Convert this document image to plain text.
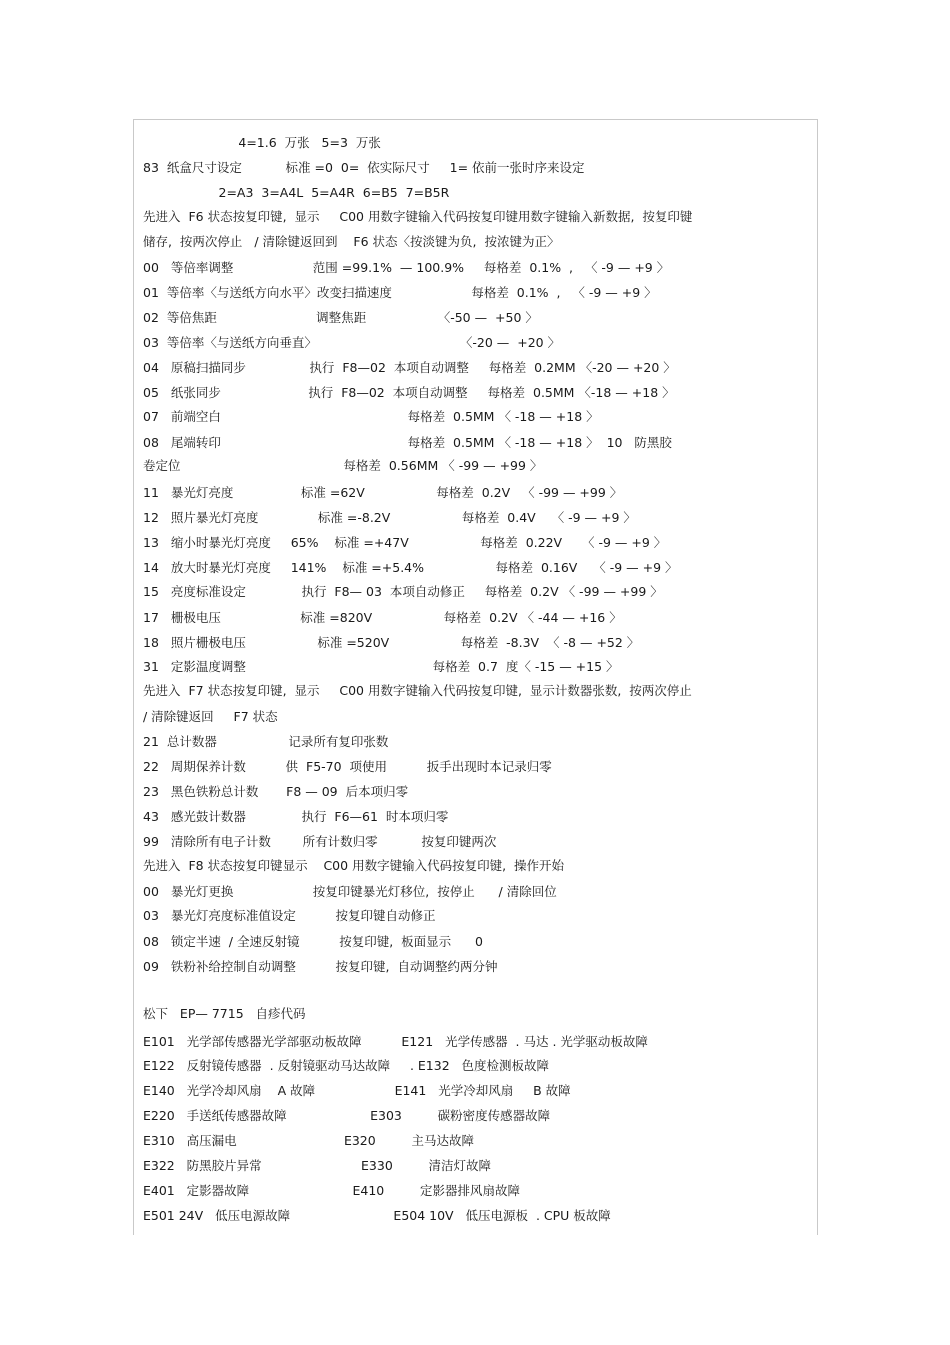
4=1.6  万张   5=3  万张
83  纸盒尺寸设定           标准 =0  0=  依实际尺寸     1= 依前一张时序来设定
2=A3  3=A4L  5=A4R  6=B5  7=B5R
先进入  F6 状态按复印键,  显示     C00 用数字键输入代码按复印键用数字键输入新数据,  按复印键
储存,  按两次停止   / 清除键返回到    F6 状态〈按淡键为负,  按浓键为正〉
00   等倍率调整                    范围 =99.1%  — 100.9%     每格差  0.1%  ,   〈 -9 — +9 〉
01  等倍率〈与送纸方向水平〉改变扫描速度                    每格差  0.1%  ,   〈 -9 — +9 〉
02  等倍焦距                         调整焦距                  〈-50 —  +50 〉
03  等倍率〈与送纸方向垂直〉                                    〈-20 —  +20 〉
04   原稿扫描同步                执行  F8—02  本项自动调整     每格差  0.2MM 〈-20 — +20 〉
05   纸张同步                      执行  F8—02  本项自动调整     每格差  0.5MM 〈-18 — +18 〉
07   前端空白                                               每格差  0.5MM 〈 -18 — +18 〉
08   尾端转印                                               每格差  0.5MM 〈 -18 — +18 〉  10   防黑胶
卷定位                                         每格差  0.56MM 〈 -99 — +99 〉
11   暴光灯亮度                 标准 =62V                  每格差  0.2V   〈 -99 — +99 〉
12   照片暴光灯亮度               标准 =-8.2V                  每格差  0.4V    〈 -9 — +9 〉
13   缩小时暴光灯亮度     65%    标准 =+47V                  每格差  0.22V     〈 -9 — +9 〉
14   放大时暴光灯亮度     141%    标准 =+5.4%                  每格差  0.16V    〈 -9 — +9 〉
15   亮度标准设定              执行  F8— 03  本项自动修正     每格差  0.2V 〈 -99 — +99 〉
17   栅极电压                    标准 =820V                  每格差  0.2V 〈 -44 — +16 〉
18   照片栅极电压                  标准 =520V                  每格差  -8.3V  〈 -8 — +52 〉
31   定影温度调整                                               每格差  0.7  度〈 -15 — +15 〉
先进入  F7 状态按复印键,  显示     C00 用数字键输入代码按复印键,  显示计数器张数,  按两次停止
/ 清除键返回     F7 状态
21  总计数器                  记录所有复印张数
22   周期保养计数          供  F5-70  项使用          扳手出现时本记录归零
23   黑色铁粉总计数       F8 — 09  后本项归零
43   感光鼓计数器              执行  F6—61  时本项归零
99   清除所有电子计数        所有计数归零           按复印键两次
先进入  F8 状态按复印键显示    C00 用数字键输入代码按复印键,  操作开始
00   暴光灯更换                    按复印键暴光灯移位,  按停止      / 清除回位
03   暴光灯亮度标准值设定          按复印键自动修正
08   锁定半速  / 全速反射镜          按复印键,  板面显示      0
09   铁粉补给控制自动调整          按复印键,  自动调整约两分钟
松下   EP— 7715   自疹代码
E101   光学部传感器光学部驱动板故障          E121   光学传感器  . 马达 . 光学驱动板故障
E122   反射镜传感器  . 反射镜驱动马达故障     . E132   色度检测板故障
E140   光学冷却风扇    A 故障                    E141   光学冷却风扇     B 故障
E220   手送纸传感器故障                     E303         碳粉密度传感器故障
E310   高压漏电                           E320         主马达故障
E322   防黑胶片异常                         E330         清洁灯故障
E401   定影器故障                          E410         定影器排风扇故障
E501 24V   低压电源故障                          E504 10V   低压电源板  . CPU 板故障
